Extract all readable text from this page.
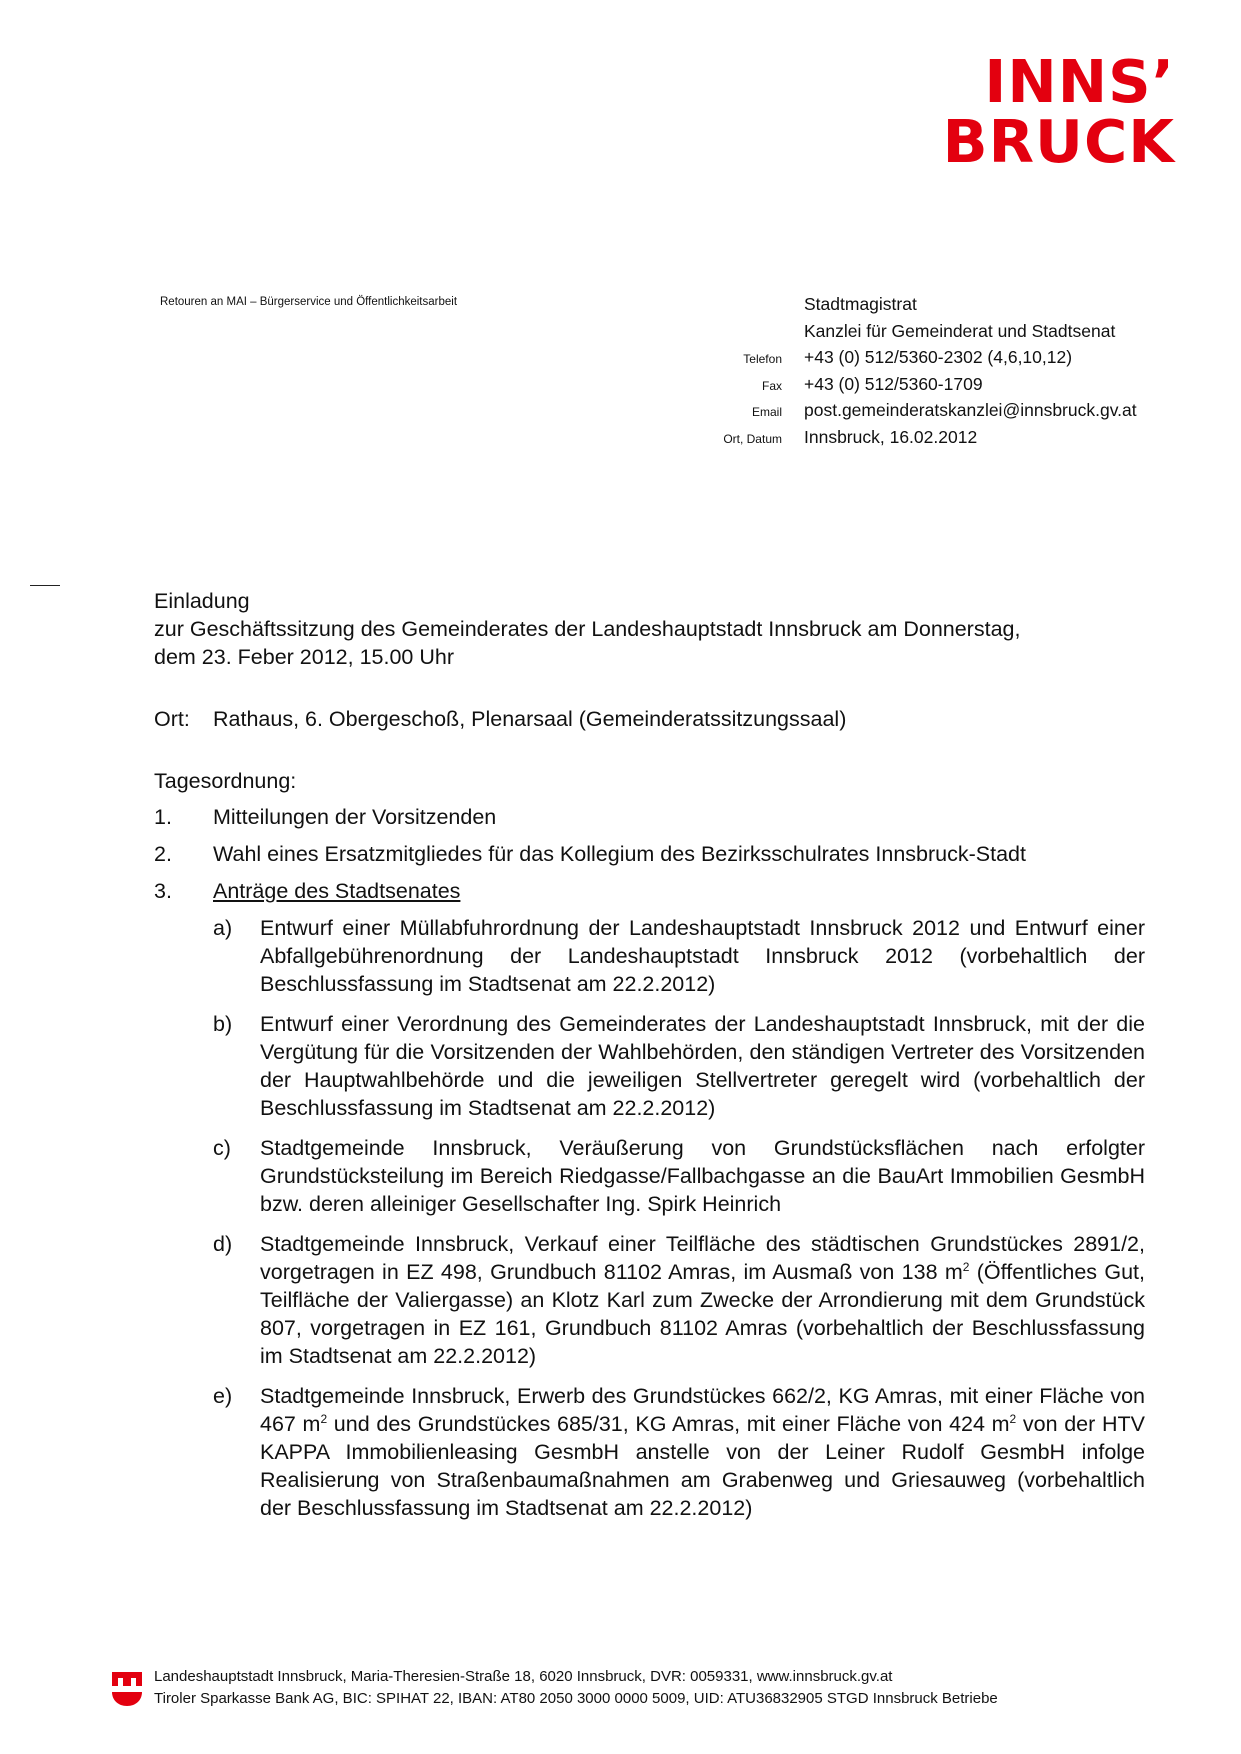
INNS’
BRUCK
Retouren an MAI – Bürgerservice und Öffentlichkeitsarbeit	Stadtmagistrat
Kanzlei für Gemeinderat und Stadtsenat
Telefon	+43 (0) 512/5360-2302 (4,6,10,12)
Fax	+43 (0) 512/5360-1709
Email	post.gemeinderatskanzlei@innsbruck.gv.at
Ort, Datum	Innsbruck, 16.02.2012

Einladung

zur Geschäftssitzung des Gemeinderates der Landeshauptstadt Innsbruck am Donnerstag,

dem 23. Feber 2012, 15.00 Uhr

Ort:	Rathaus, 6. Obergeschoß, Plenarsaal (Gemeinderatssitzungssaal)

Tagesordnung:

1.	Mitteilungen der Vorsitzenden
2.	Wahl eines Ersatzmitgliedes für das Kollegium des Bezirksschulrates Innsbruck-Stadt
3.	Anträge des Stadtsenates
a)	Entwurf einer Müllabfuhrordnung der Landeshauptstadt Innsbruck 2012 und Entwurf einer Abfallgebührenordnung der Landeshauptstadt Innsbruck 2012 (vorbehaltlich der Beschlussfassung im Stadtsenat am 22.2.2012)
b)	Entwurf einer Verordnung des Gemeinderates der Landeshauptstadt Innsbruck, mit der die Vergütung für die Vorsitzenden der Wahlbehörden, den ständigen Vertreter des Vorsitzenden der Hauptwahlbehörde und die jeweiligen Stellvertreter geregelt wird (vorbehaltlich der Beschlussfassung im Stadtsenat am 22.2.2012)
c)	Stadtgemeinde Innsbruck, Veräußerung von Grundstücksflächen nach erfolgter Grundstücksteilung im Bereich Riedgasse/Fallbachgasse an die BauArt Immobilien GesmbH bzw. deren alleiniger Gesellschafter Ing. Spirk Heinrich
d)	Stadtgemeinde Innsbruck, Verkauf einer Teilfläche des städtischen Grundstückes 2891/2, vorgetragen in EZ 498, Grundbuch 81102 Amras, im Ausmaß von 138 $m^2$ (Öffentliches Gut, Teilfläche der Valiergasse) an Klotz Karl zum Zwecke der Arrondierung mit dem Grundstück 807, vorgetragen in EZ 161, Grundbuch 81102 Amras (vorbehaltlich der Beschlussfassung im Stadtsenat am 22.2.2012)
e)	Stadtgemeinde Innsbruck, Erwerb des Grundstückes 662/2, KG Amras, mit einer Fläche von 467 $m^2$ und des Grundstückes 685/31, KG Amras, mit einer Fläche von 424 $m^2$ von der HTV KAPPA Immobilienleasing GesmbH anstelle von der Leiner Rudolf GesmbH infolge Realisierung von Straßenbaumaßnahmen am Grabenweg und Griesauweg (vorbehaltlich der Beschlussfassung im Stadtsenat am 22.2.2012)
Landeshauptstadt Innsbruck, Maria-Theresien-Straße 18, 6020 Innsbruck, DVR: 0059331, www.innsbruck.gv.at
Tiroler Sparkasse Bank AG, BIC: SPIHAT 22, IBAN: AT80 2050 3000 0000 5009, UID: ATU36832905 STGD Innsbruck Betriebe
